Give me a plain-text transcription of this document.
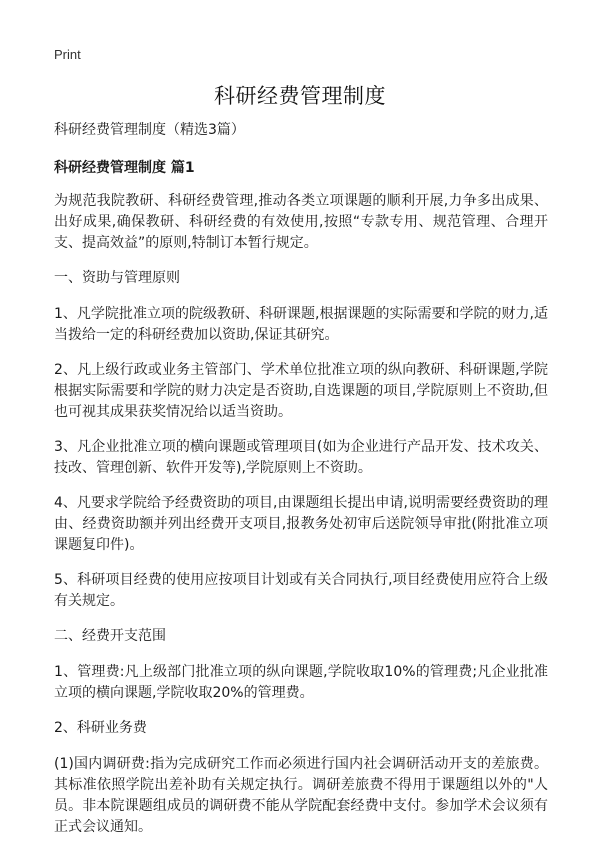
Print
科研经费管理制度

科研经费管理制度（精选3篇）

科研经费管理制度 篇1

为规范我院教研、科研经费管理,推动各类立项课题的顺利开展,力争多出成果、出好成果,确保教研、科研经费的有效使用,按照“专款专用、规范管理、合理开支、提高效益”的原则,特制订本暂行规定。

一、资助与管理原则

1、凡学院批准立项的院级教研、科研课题,根据课题的实际需要和学院的财力,适当拨给一定的科研经费加以资助,保证其研究。

2、凡上级行政或业务主管部门、学术单位批准立项的纵向教研、科研课题,学院根据实际需要和学院的财力决定是否资助,自选课题的项目,学院原则上不资助,但也可视其成果获奖情况给以适当资助。

3、凡企业批准立项的横向课题或管理项目(如为企业进行产品开发、技术攻关、技改、管理创新、软件开发等),学院原则上不资助。

4、凡要求学院给予经费资助的项目,由课题组长提出申请,说明需要经费资助的理由、经费资助额并列出经费开支项目,报教务处初审后送院领导审批(附批准立项课题复印件)。

5、科研项目经费的使用应按项目计划或有关合同执行,项目经费使用应符合上级有关规定。

二、经费开支范围

1、管理费:凡上级部门批准立项的纵向课题,学院收取10%的管理费;凡企业批准立项的横向课题,学院收取20%的管理费。

2、科研业务费

(1)国内调研费:指为完成研究工作而必须进行国内社会调研活动开支的差旅费。其标准依照学院出差补助有关规定执行。调研差旅费不得用于课题组以外的"人员。非本院课题组成员的调研费不能从学院配套经费中支付。参加学术会议须有正式会议通知。
